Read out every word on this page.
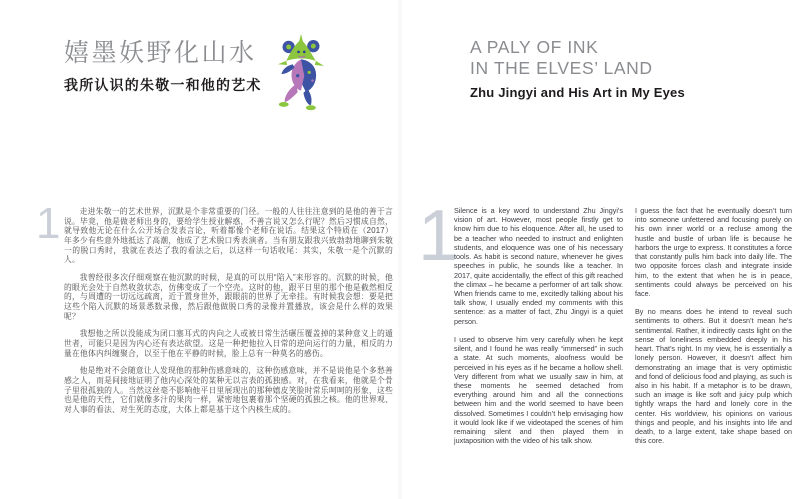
嬉墨妖野化山水
我所认识的朱敬一和他的艺术
1	走进朱敬一的艺术世界，沉默是个非常重要的门径。一般的人往往注意到的是他的善于言说。毕竟，他是做老师出身的，要给学生授业解惑，不善言说又怎么行呢？然后习惯成自然，就导致他无论在什么公开场合发表言论，听着都像个老师在说话。结果这个特质在（2017）年多少有些意外地抵达了高潮，他成了艺术脱口秀表演者。当有朋友跟我兴致勃勃地聊到朱敬一的脱口秀时，我就在表达了我的看法之后，以这样一句话收尾：其实，朱敬一是个沉默的人。

我曾经很多次仔细观察在他沉默的时候，是真的可以用“陷入”来形容的。沉默的时候，他的眼光会处于自然收敛状态，仿佛变成了一个空壳。这时的他，跟平日里的那个他是截然相反的，与周遭的一切远远疏离，近于置身世外，跟眼前的世界了无牵挂。有时候我会想：要是把这些个陷入沉默的场景悉数录像，然后跟他做脱口秀的录像并置播放，该会是什么样的效果呢？

我想他之所以没能成为闭口塞耳式的内向之人或被日常生活碾压覆盖掉的某种意义上的遁世者，可能只是因为内心还有表达欲望。这是一种把他拉入日常的逆向运行的力量，相反的力量在他体内纠缠聚合，以至于他在平静的时候，脸上总有一种莫名的感伤。

他是绝对不会随意让人发现他的那种伤感意味的，这种伤感意味，并不是说他是个多愁善感之人，而是间接地证明了他内心深处的某种无以言表的孤独感。对，在我看来，他就是个骨子里很孤独的人。当然这丝毫不影响他平日里展现出的那种嬉皮笑脸时常乐呵呵的形象，这些也是他的天性，它们就像多汁的果肉一样，紧密地包裹着那个坚硬的孤独之核。他的世界观、对人事的看法、对生死的态度，大体上都是基于这个内核生成的。

A PALY OF INK
IN THE ELVES’ LAND
Zhu Jingyi and His Art in My Eyes
1

Silence is a key word to understand Zhu Jingyi’s vision of art. However, most people firstly get to know him due to his eloquence. After all, he used to be a teacher who needed to instruct and enlighten students, and eloquence was one of his necessary tools. As habit is second nature, whenever he gives speeches in public, he sounds like a teacher. In 2017, quite accidentally, the effect of this gift reached the climax – he became a performer of art talk show. When friends came to me, excitedly talking about his talk show, I usually ended my comments with this sentence: as a matter of fact, Zhu Jingyi is a quiet person.

I used to observe him very carefully when he kept silent, and I found he was really “immersed” in such a state. At such moments, aloofness would be perceived in his eyes as if he became a hollow shell. Very different from what we usually saw in him, at these moments he seemed detached from everything around him and all the connections between him and the world seemed to have been dissolved. Sometimes I couldn’t help envisaging how it would look like if we videotaped the scenes of him remaining silent and then played them in juxtaposition with the video of his talk show.

I guess the fact that he eventually doesn’t turn into someone unfettered and focusing purely on his own inner world or a recluse among the hustle and bustle of urban life is because he harbors the urge to express. It constitutes a force that constantly pulls him back into daily life. The two opposite forces clash and integrate inside him, to the extent that when he is in peace, sentiments could always be perceived on his face.

By no means does he intend to reveal such sentiments to others. But it doesn’t mean he’s sentimental. Rather, it indirectly casts light on the sense of loneliness embedded deeply in his heart. That’s right. In my view, he is essentially a lonely person. However, it doesn’t affect him demonstrating an image that is very optimistic and fond of delicious food and playing, as such is also in his habit. If a metaphor is to be drawn, such an image is like soft and juicy pulp which tightly wraps the hard and lonely core in the center. His worldview, his opinions on various things and people, and his insights into life and death, to a large extent, take shape based on this core.
